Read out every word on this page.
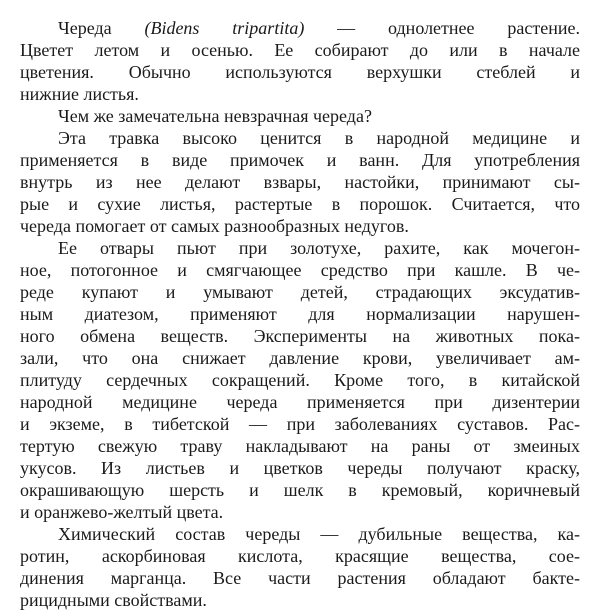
Череда (Bidens tripartita) — однолетнее растение.
Цветет летом и осенью. Ее собирают до или в начале
цветения. Обычно используются верхушки стеблей и
нижние листья.
Чем же замечательна невзрачная череда?
Эта травка высоко ценится в народной медицине и
применяется в виде примочек и ванн. Для употребления
внутрь из нее делают взвары, настойки, принимают сы-
рые и сухие листья, растертые в порошок. Считается, что
череда помогает от самых разнообразных недугов.
Ее отвары пьют при золотухе, рахите, как мочегон-
ное, потогонное и смягчающее средство при кашле. В че-
реде купают и умывают детей, страдающих эксудатив-
ным диатезом, применяют для нормализации нарушен-
ного обмена веществ. Эксперименты на животных пока-
зали, что она снижает давление крови, увеличивает ам-
плитуду сердечных сокращений. Кроме того, в китайской
народной медицине череда применяется при дизентерии
и экземе, в тибетской — при заболеваниях суставов. Рас-
тертую свежую траву накладывают на раны от змеиных
укусов. Из листьев и цветков череды получают краску,
окрашивающую шерсть и шелк в кремовый, коричневый
и оранжево-желтый цвета.
Химический состав череды — дубильные вещества, ка-
ротин, аскорбиновая кислота, красящие вещества, сое-
динения марганца. Все части растения обладают бакте-
рицидными свойствами.
